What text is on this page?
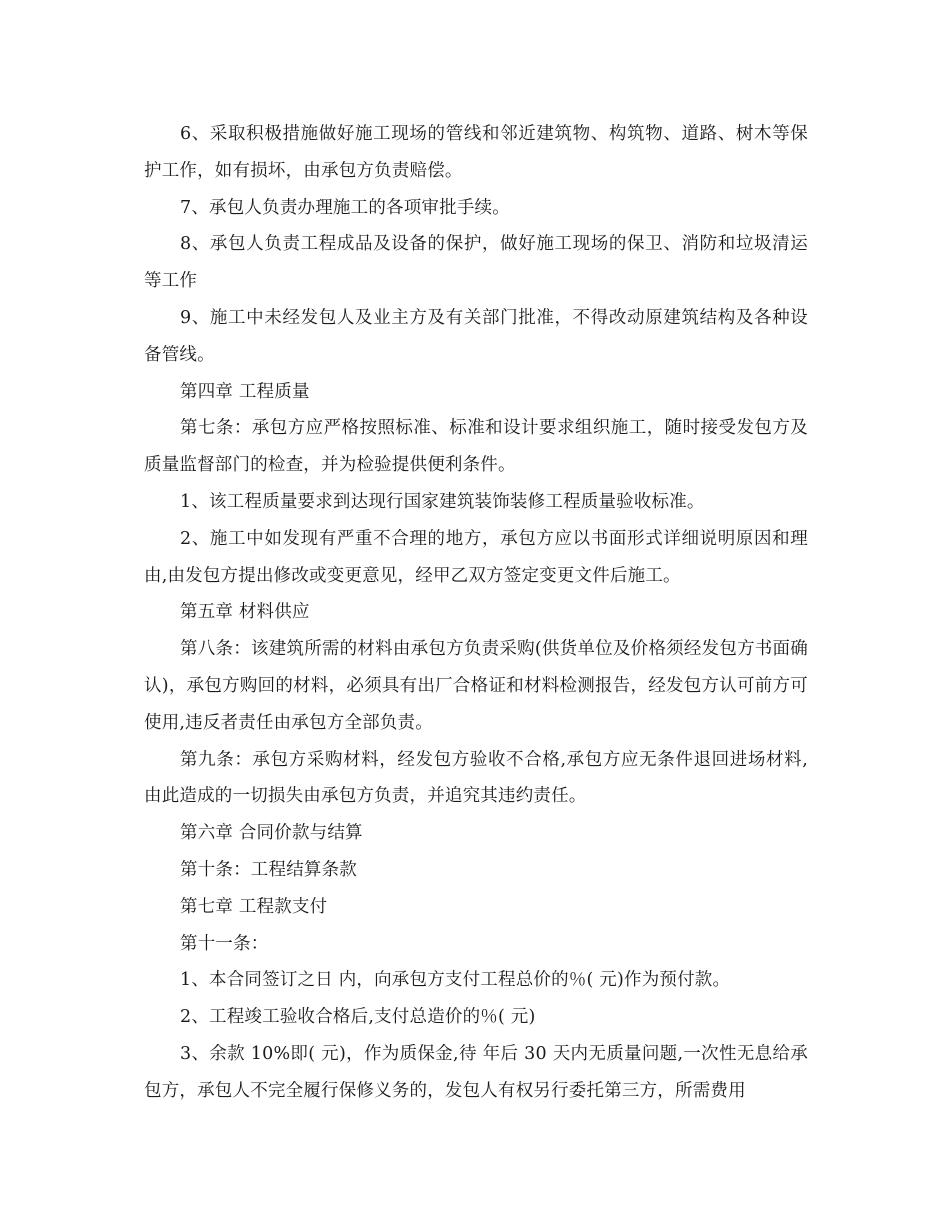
6、采取积极措施做好施工现场的管线和邻近建筑物、构筑物、道路、树木等保护工作，如有损坏，由承包方负责赔偿。

7、承包人负责办理施工的各项审批手续。

8、承包人负责工程成品及设备的保护，做好施工现场的保卫、消防和垃圾清运等工作

9、施工中未经发包人及业主方及有关部门批准，不得改动原建筑结构及各种设备管线。

第四章 工程质量

第七条：承包方应严格按照标准、标准和设计要求组织施工，随时接受发包方及质量监督部门的检查，并为检验提供便利条件。

1、该工程质量要求到达现行国家建筑装饰装修工程质量验收标准。

2、施工中如发现有严重不合理的地方，承包方应以书面形式详细说明原因和理由,由发包方提出修改或变更意见，经甲乙双方签定变更文件后施工。

第五章 材料供应

第八条：该建筑所需的材料由承包方负责采购(供货单位及价格须经发包方书面确认)，承包方购回的材料，必须具有出厂合格证和材料检测报告，经发包方认可前方可使用,违反者责任由承包方全部负责。

第九条：承包方采购材料，经发包方验收不合格,承包方应无条件退回进场材料,由此造成的一切损失由承包方负责，并追究其违约责任。

第六章 合同价款与结算

第十条：工程结算条款

第七章 工程款支付

第十一条：

1、本合同签订之日 内，向承包方支付工程总价的％( 元)作为预付款。

2、工程竣工验收合格后,支付总造价的％( 元)

3、余款 10%即( 元)，作为质保金,待 年后 30 天内无质量问题,一次性无息给承包方，承包人不完全履行保修义务的，发包人有权另行委托第三方，所需费用
